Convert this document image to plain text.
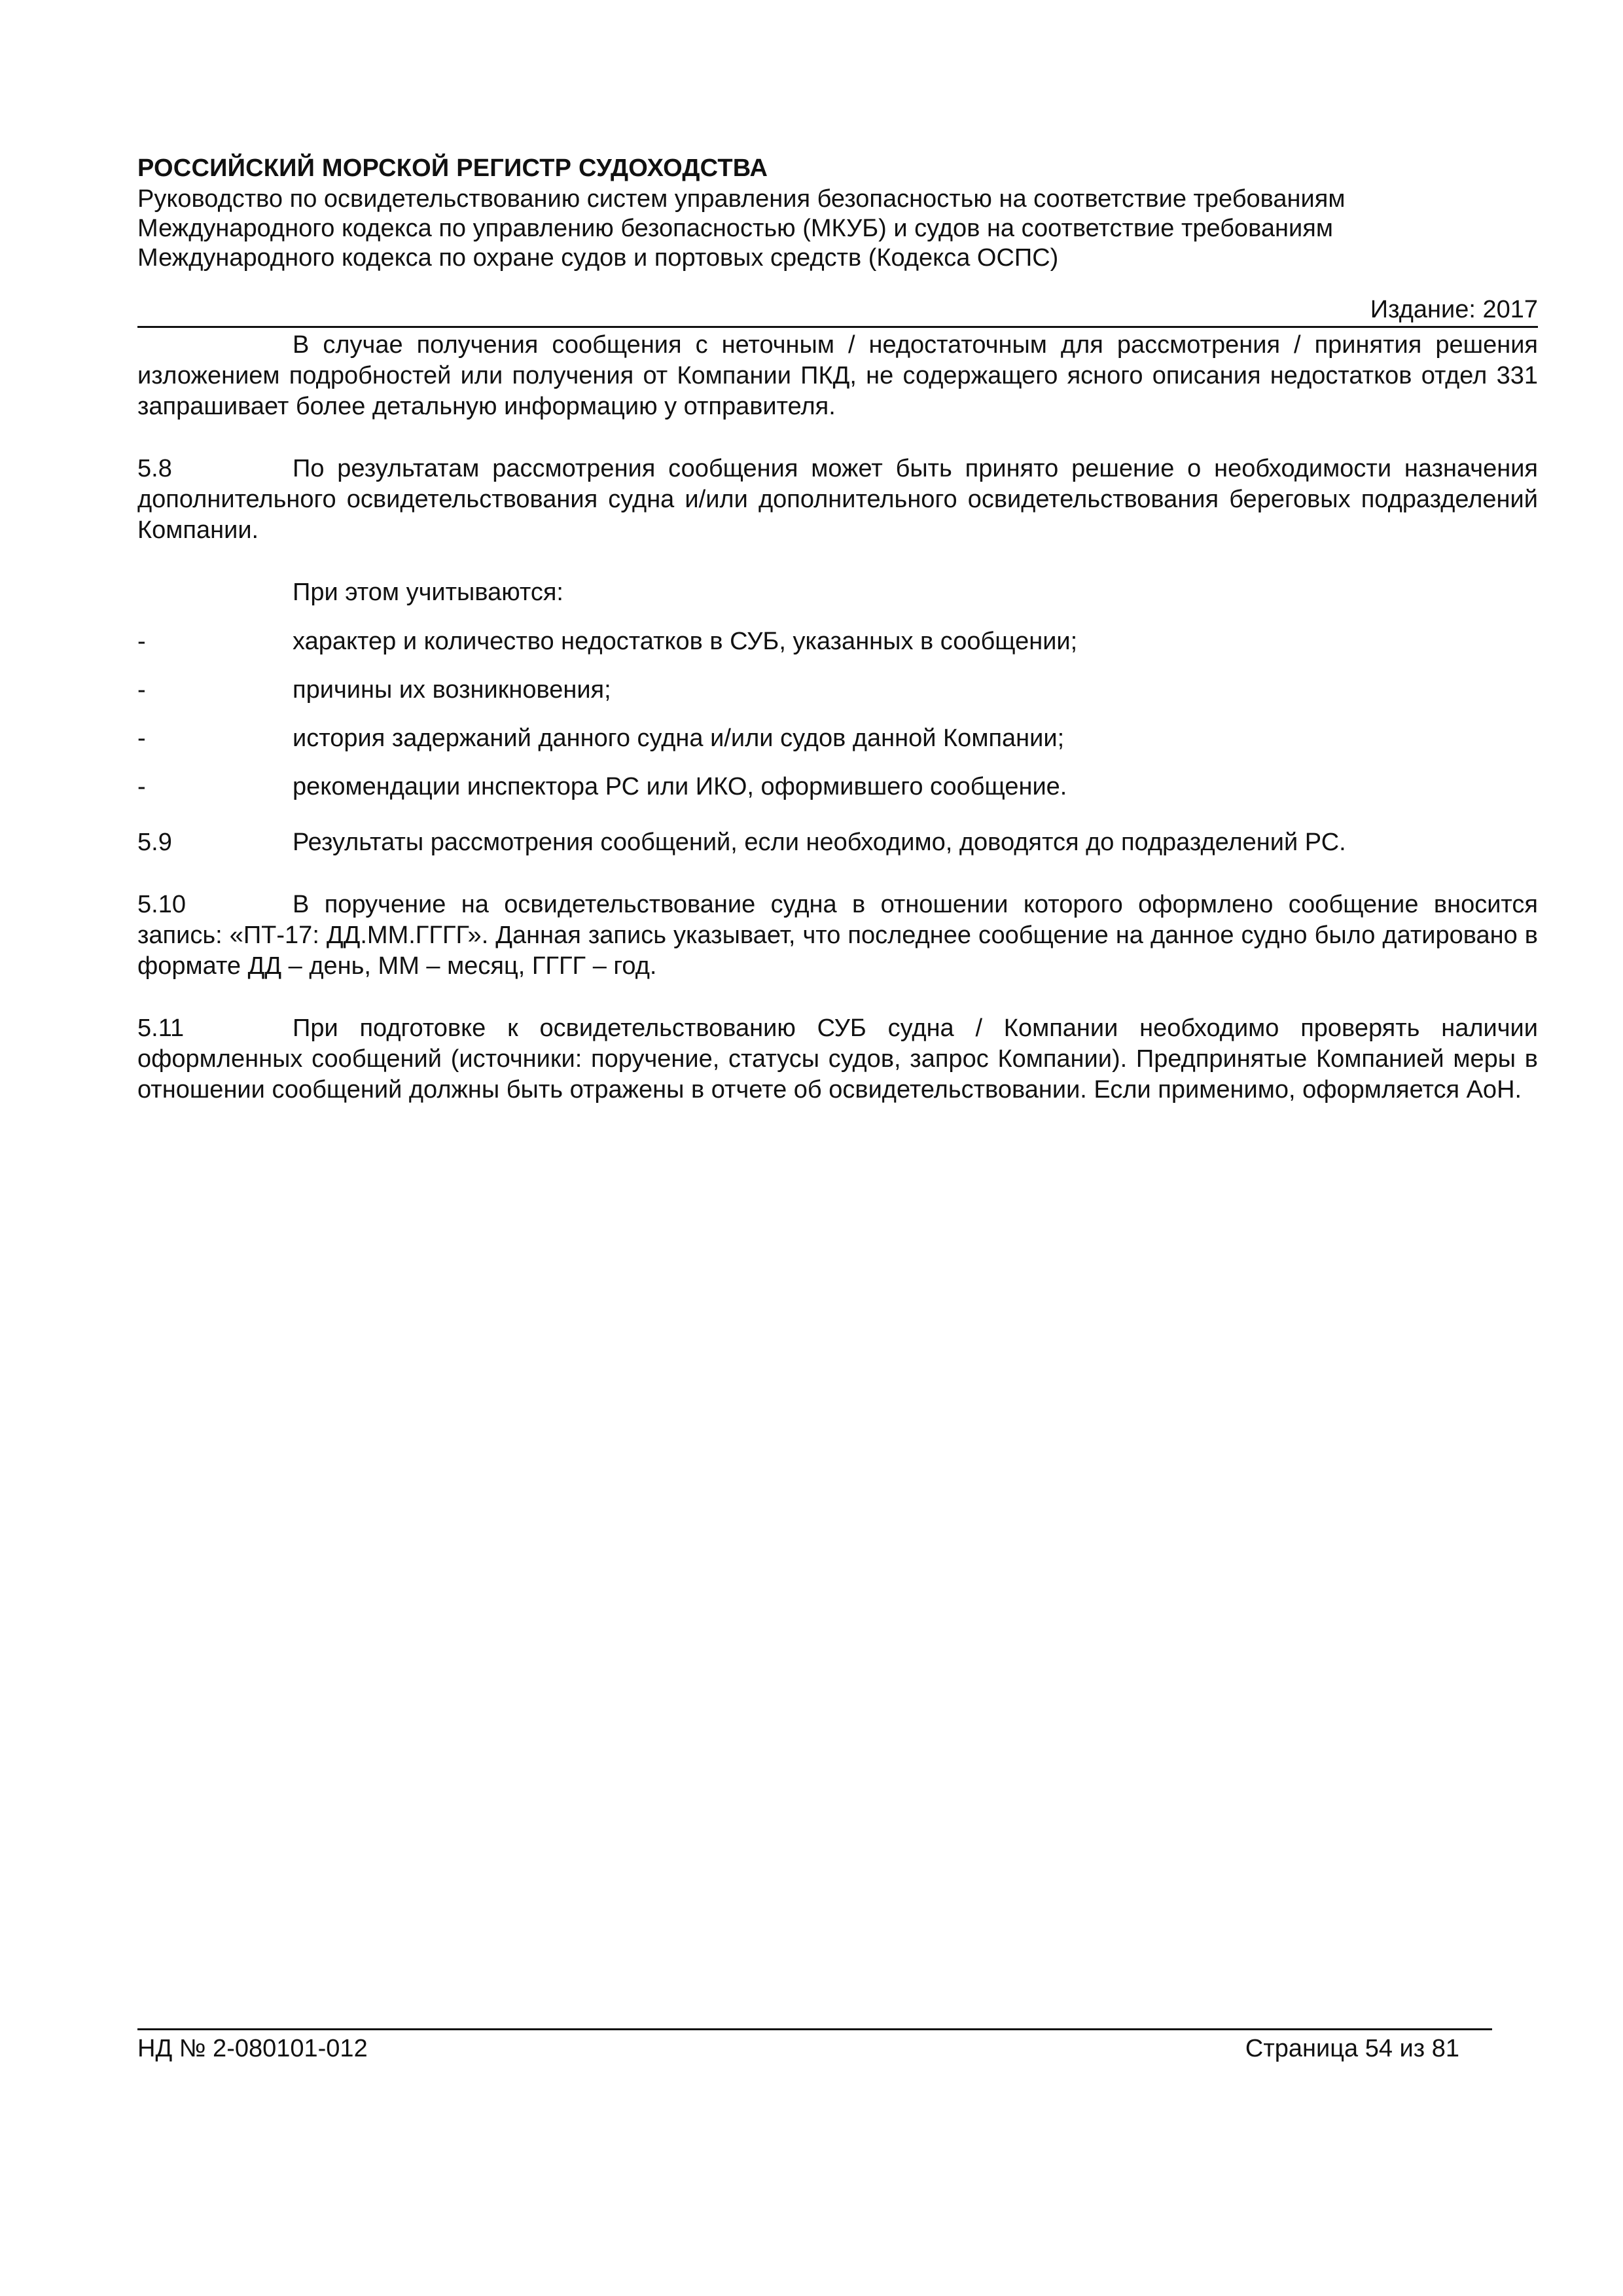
РОССИЙСКИЙ МОРСКОЙ РЕГИСТР СУДОХОДСТВА
Руководство по освидетельствованию систем управления безопасностью на соответствие требованиям
Международного кодекса по управлению безопасностью (МКУБ) и судов на соответствие требованиям
Международного кодекса по охране судов и портовых средств (Кодекса ОСПС)
Издание: 2017

В случае получения сообщения с неточным / недостаточным для рассмотрения / принятия решения изложением подробностей или получения от Компании ПКД, не содержащего ясного описания недостатков отдел 331 запрашивает более детальную информацию у отправителя.

5.8	По результатам рассмотрения сообщения может быть принято решение о необходимости назначения дополнительного освидетельствования судна и/или дополнительного освидетельствования береговых подразделений Компании.
При этом учитываются:
-	характер и количество недостатков в СУБ, указанных в сообщении;
-	причины их возникновения;
-	история задержаний данного судна и/или судов данной Компании;
-	рекомендации инспектора РС или ИКО, оформившего сообщение.
5.9	Результаты рассмотрения сообщений, если необходимо, доводятся до подразделений РС.
5.10	В поручение на освидетельствование судна в отношении которого оформлено сообщение вносится запись: «ПТ-17: ДД.ММ.ГГГГ». Данная запись указывает, что последнее сообщение на данное судно было датировано в формате ДД – день, ММ – месяц, ГГГГ – год.
5.11	При подготовке к освидетельствованию СУБ судна / Компании необходимо проверять наличии оформленных сообщений (источники: поручение, статусы судов, запрос Компании). Предпринятые Компанией меры в отношении сообщений должны быть отражены в отчете об освидетельствовании. Если применимо, оформляется АоН.
НД № 2-080101-012	Страница 54 из 81
